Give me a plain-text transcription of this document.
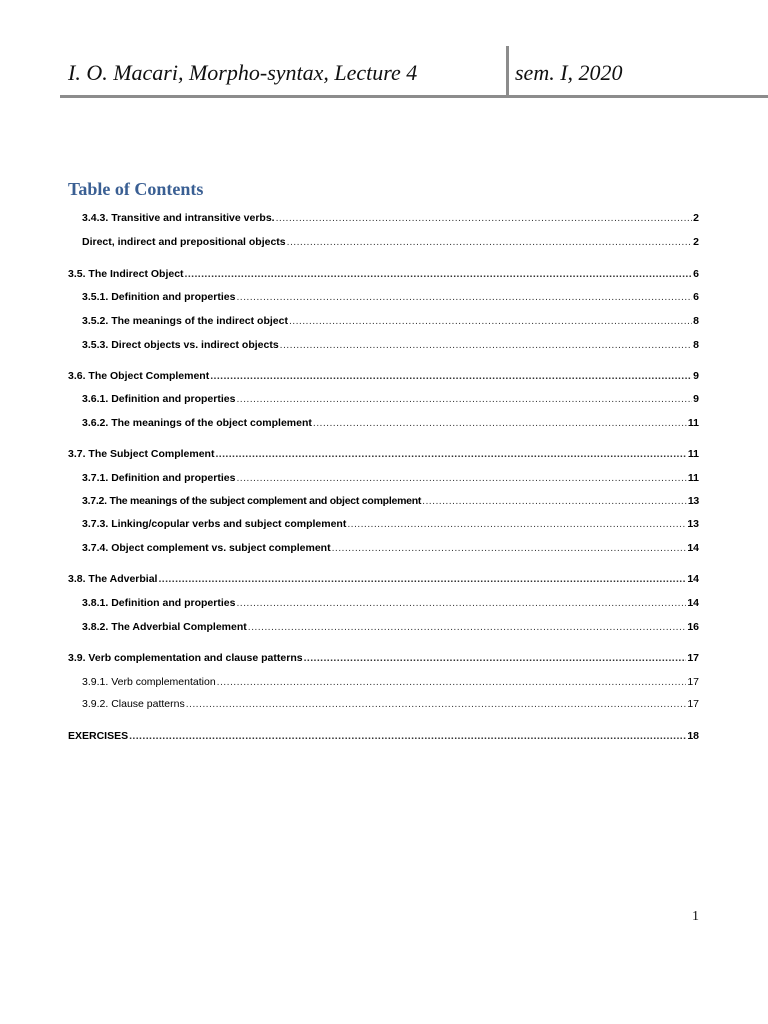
I. O. Macari, Morpho-syntax, Lecture 4	sem. I, 2020
Table of Contents
3.4.3. Transitive and intransitive verbs. .....	2
Direct, indirect and prepositional objects .....	2
3.5. The Indirect Object .....	6
3.5.1. Definition and properties .....	6
3.5.2. The meanings of the indirect object .....	8
3.5.3. Direct objects vs. indirect objects .....	8
3.6. The Object Complement .....	9
3.6.1. Definition and properties .....	9
3.6.2. The meanings of the object complement .....	11
3.7. The Subject Complement .....	11
3.7.1. Definition and properties .....	11
3.7.2. The meanings of the subject complement and object complement .....	13
3.7.3. Linking/copular verbs and subject complement .....	13
3.7.4. Object complement vs. subject complement .....	14
3.8. The Adverbial .....	14
3.8.1. Definition and properties .....	14
3.8.2. The Adverbial Complement .....	16
3.9. Verb complementation and clause patterns .....	17
3.9.1. Verb complementation .....	17
3.9.2. Clause patterns .....	17
EXERCISES .....	18
1
